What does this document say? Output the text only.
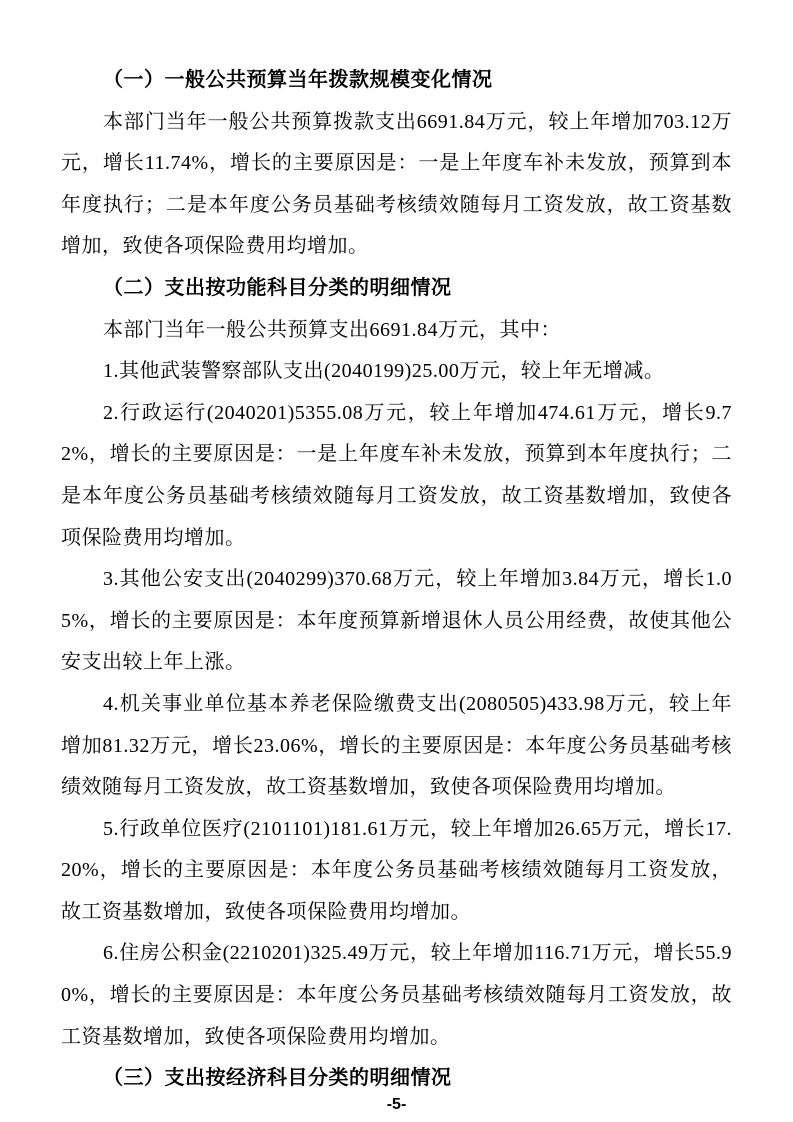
（一）一般公共预算当年拨款规模变化情况

本部门当年一般公共预算拨款支出6691.84万元，较上年增加703.12万元，增长11.74%，增长的主要原因是：一是上年度车补未发放，预算到本年度执行；二是本年度公务员基础考核绩效随每月工资发放，故工资基数增加，致使各项保险费用均增加。

（二）支出按功能科目分类的明细情况

本部门当年一般公共预算支出6691.84万元，其中：

1.其他武装警察部队支出(2040199)25.00万元，较上年无增减。

2.行政运行(2040201)5355.08万元，较上年增加474.61万元，增长9.72%，增长的主要原因是：一是上年度车补未发放，预算到本年度执行；二是本年度公务员基础考核绩效随每月工资发放，故工资基数增加，致使各项保险费用均增加。

3.其他公安支出(2040299)370.68万元，较上年增加3.84万元，增长1.05%，增长的主要原因是：本年度预算新增退休人员公用经费，故使其他公安支出较上年上涨。

4.机关事业单位基本养老保险缴费支出(2080505)433.98万元，较上年增加81.32万元，增长23.06%，增长的主要原因是：本年度公务员基础考核绩效随每月工资发放，故工资基数增加，致使各项保险费用均增加。

5.行政单位医疗(2101101)181.61万元，较上年增加26.65万元，增长17.20%，增长的主要原因是：本年度公务员基础考核绩效随每月工资发放，故工资基数增加，致使各项保险费用均增加。

6.住房公积金(2210201)325.49万元，较上年增加116.71万元，增长55.90%，增长的主要原因是：本年度公务员基础考核绩效随每月工资发放，故工资基数增加，致使各项保险费用均增加。

（三）支出按经济科目分类的明细情况

-5-
